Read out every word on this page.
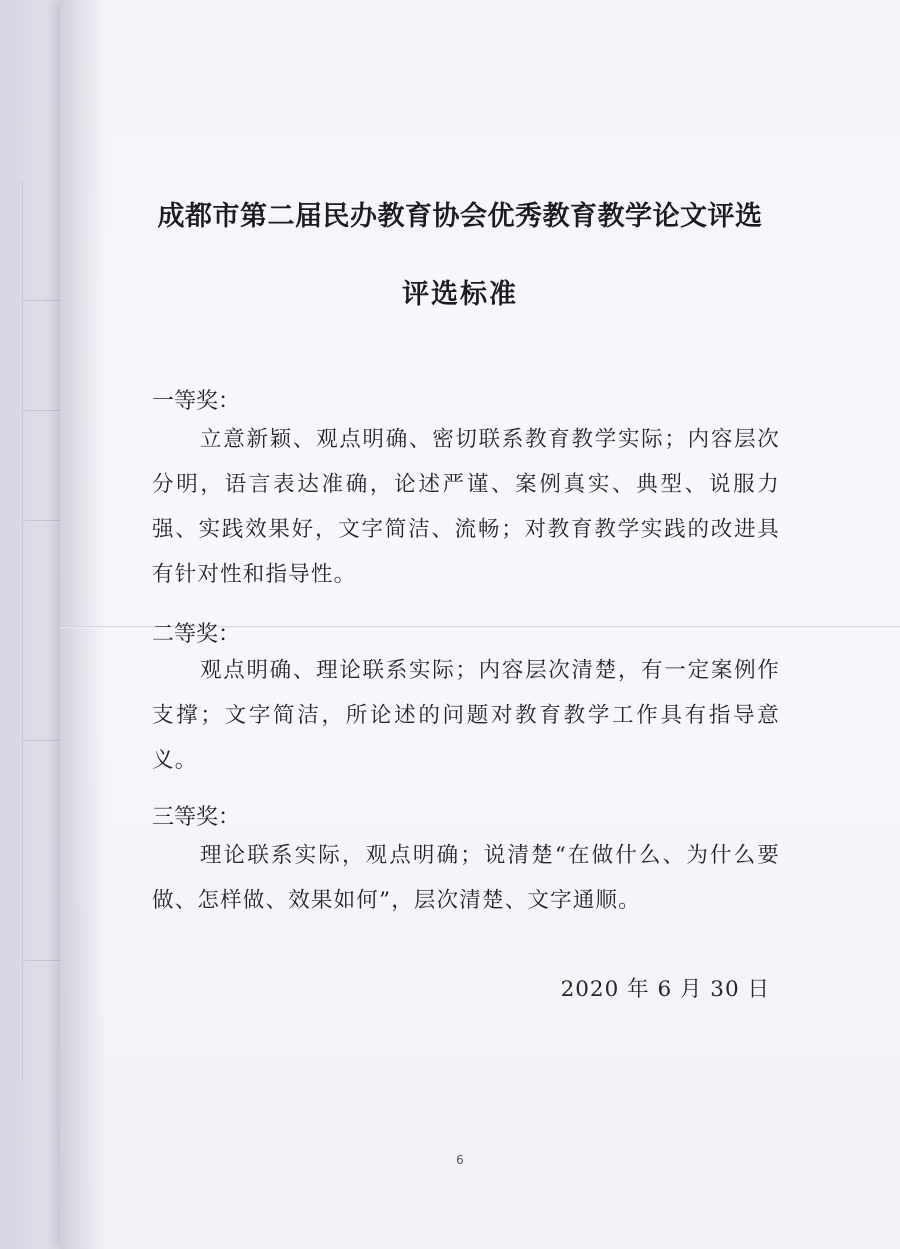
成都市第二届民办教育协会优秀教育教学论文评选
评选标准
一等奖：
立意新颖、观点明确、密切联系教育教学实际；内容层次分明，语言表达准确，论述严谨、案例真实、典型、说服力强、实践效果好，文字简洁、流畅；对教育教学实践的改进具有针对性和指导性。
二等奖：
观点明确、理论联系实际；内容层次清楚，有一定案例作支撑；文字简洁，所论述的问题对教育教学工作具有指导意义。
三等奖：
理论联系实际，观点明确；说清楚“在做什么、为什么要做、怎样做、效果如何”，层次清楚、文字通顺。
2020 年 6 月 30 日
6
